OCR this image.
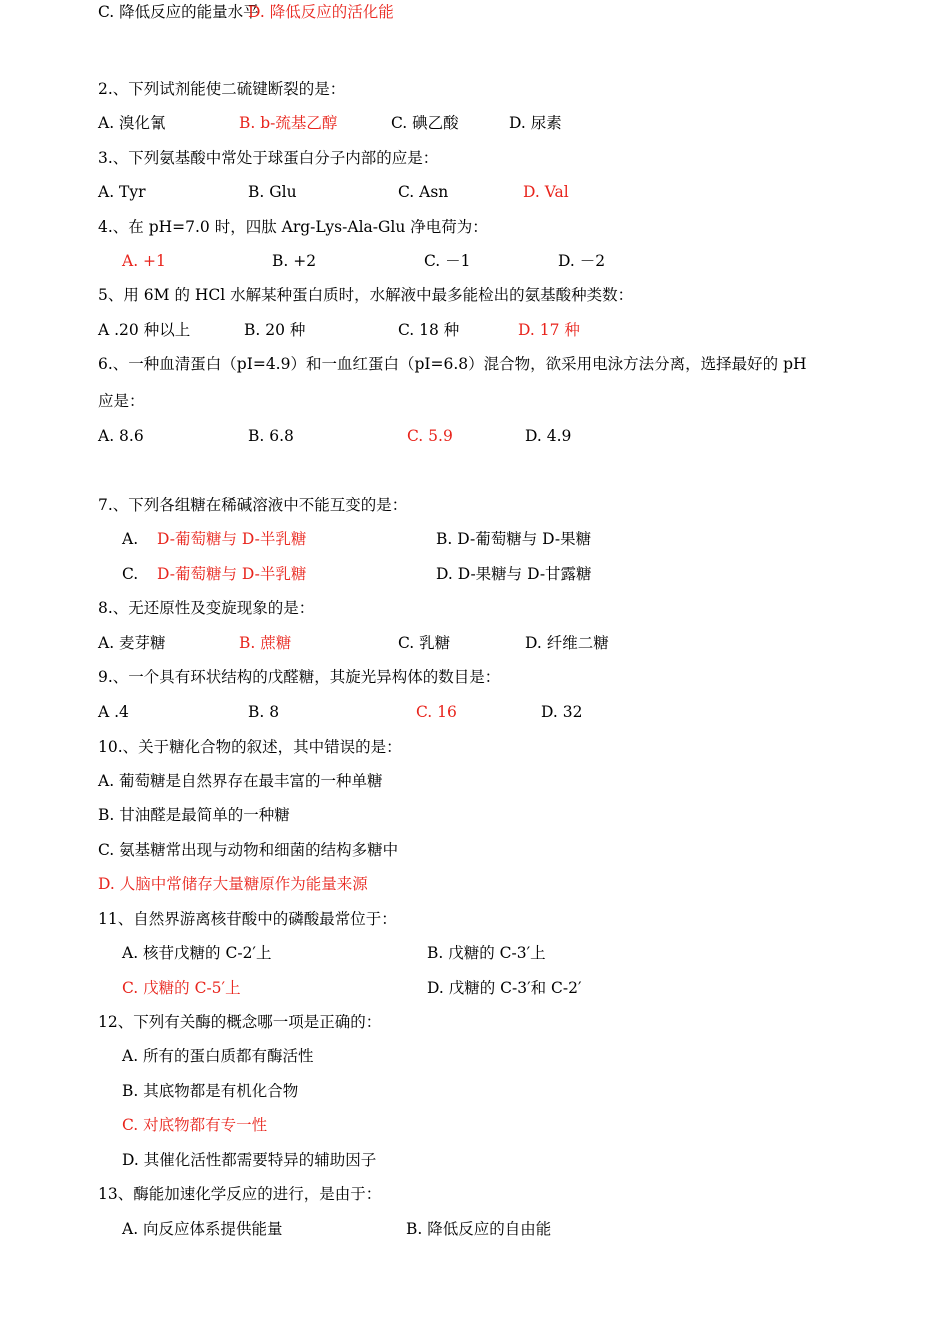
2.、下列试剂能使二硫键断裂的是：
A. 溴化氰	B. b-巯基乙醇	C. 碘乙酸	D. 尿素
3.、下列氨基酸中常处于球蛋白分子内部的应是：
A. Tyr	B. Glu	C. Asn	D. Val
4.、在 pH=7.0 时，四肽 Arg-Lys-Ala-Glu 净电荷为：
A. +1	B. +2	C. －1	D. －2
5、用 6M 的 HCl 水解某种蛋白质时，水解液中最多能检出的氨基酸种类数：
A .20 种以上	B. 20 种	C. 18 种	D. 17 种
6.、一种血清蛋白（pI=4.9）和一血红蛋白（pI=6.8）混合物，欲采用电泳方法分离，选择最好的 pH
应是：
A. 8.6	B. 6.8	C. 5.9	D. 4.9
7.、下列各组糖在稀碱溶液中不能互变的是：
A. D-葡萄糖与 D-半乳糖	B. D-葡萄糖与 D-果糖
C. D-葡萄糖与 D-半乳糖	D. D-果糖与 D-甘露糖
8.、无还原性及变旋现象的是：
A. 麦芽糖	B. 蔗糖	C. 乳糖	D. 纤维二糖
9.、一个具有环状结构的戊醛糖，其旋光异构体的数目是：
A .4	B. 8	C. 16	D. 32
10.、关于糖化合物的叙述，其中错误的是：
A. 葡萄糖是自然界存在最丰富的一种单糖
B. 甘油醛是最简单的一种糖
C. 氨基糖常出现与动物和细菌的结构多糖中
D. 人脑中常储存大量糖原作为能量来源
11、自然界游离核苷酸中的磷酸最常位于：
A. 核苷戊糖的 C-2′上	B. 戊糖的 C-3′上
C. 戊糖的 C-5′上	D. 戊糖的 C-3′和 C-2′
12、下列有关酶的概念哪一项是正确的：
A. 所有的蛋白质都有酶活性
B. 其底物都是有机化合物
C. 对底物都有专一性
D. 其催化活性都需要特异的辅助因子
13、酶能加速化学反应的进行，是由于：
A. 向反应体系提供能量	B. 降低反应的自由能
C. 降低反应的能量水平
D. 降低反应的活化能
